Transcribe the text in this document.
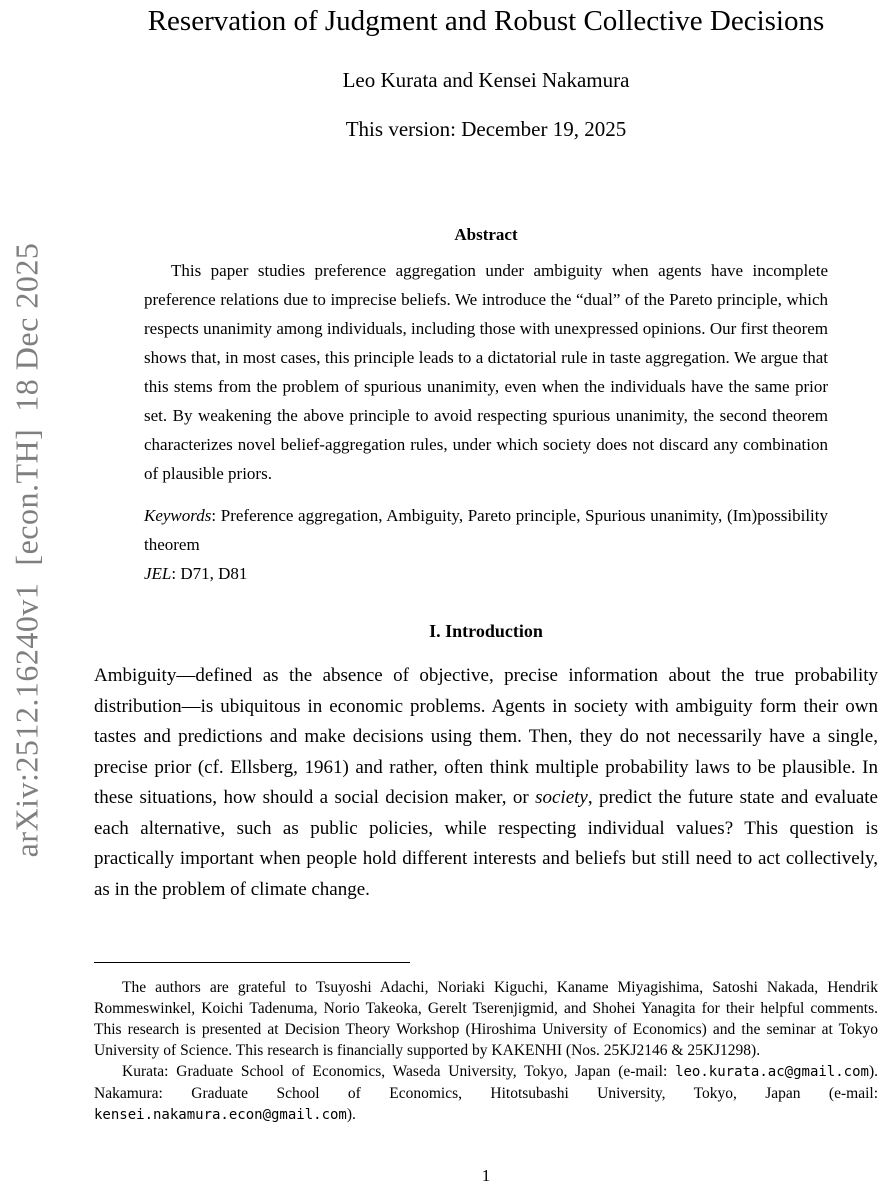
arXiv:2512.16240v1  [econ.TH]  18 Dec 2025
Reservation of Judgment and Robust Collective Decisions
Leo Kurata and Kensei Nakamura
This version: December 19, 2025
Abstract

This paper studies preference aggregation under ambiguity when agents have incomplete preference relations due to imprecise beliefs. We introduce the “dual” of the Pareto principle, which respects unanimity among individuals, including those with unexpressed opinions. Our first theorem shows that, in most cases, this principle leads to a dictatorial rule in taste aggregation. We argue that this stems from the problem of spurious unanimity, even when the individuals have the same prior set. By weakening the above principle to avoid respecting spurious unanimity, the second theorem characterizes novel belief-aggregation rules, under which society does not discard any combination of plausible priors.

Keywords: Preference aggregation, Ambiguity, Pareto principle, Spurious unanimity, (Im)possibility theorem

JEL: D71, D81

I. Introduction

Ambiguity—defined as the absence of objective, precise information about the true probability distribution—is ubiquitous in economic problems. Agents in society with ambiguity form their own tastes and predictions and make decisions using them. Then, they do not necessarily have a single, precise prior (cf. Ellsberg, 1961) and rather, often think multiple probability laws to be plausible. In these situations, how should a social decision maker, or society, predict the future state and evaluate each alternative, such as public policies, while respecting individual values? This question is practically important when people hold different interests and beliefs but still need to act collectively, as in the problem of climate change.

The authors are grateful to Tsuyoshi Adachi, Noriaki Kiguchi, Kaname Miyagishima, Satoshi Nakada, Hendrik Rommeswinkel, Koichi Tadenuma, Norio Takeoka, Gerelt Tserenjigmid, and Shohei Yanagita for their helpful comments. This research is presented at Decision Theory Workshop (Hiroshima University of Economics) and the seminar at Tokyo University of Science. This research is financially supported by KAKENHI (Nos. 25KJ2146 & 25KJ1298).

Kurata: Graduate School of Economics, Waseda University, Tokyo, Japan (e-mail: leo.kurata.ac@gmail.com). Nakamura: Graduate School of Economics, Hitotsubashi University, Tokyo, Japan (e-mail: kensei.nakamura.econ@gmail.com).

1
